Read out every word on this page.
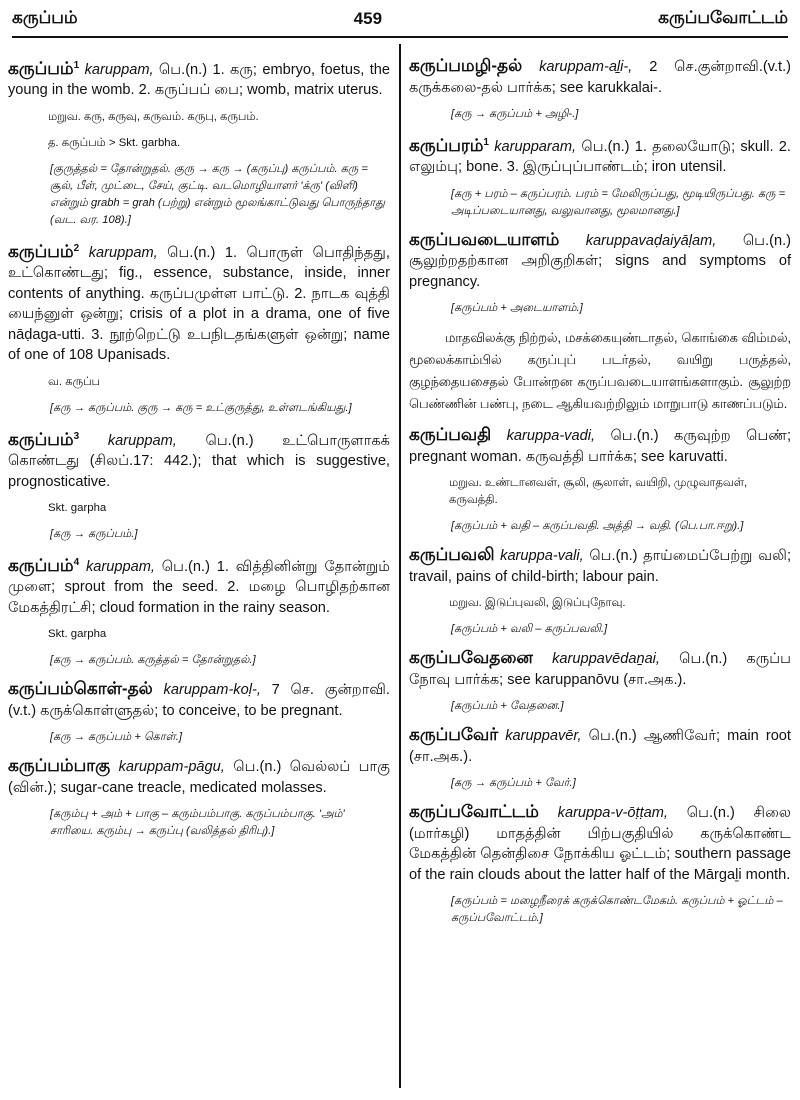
கருப்பம்	459	கருப்பவோட்டம்

கருப்பம்$^1$ karuppam, பெ.(n.) 1. கரு; embryo, foetus, the young in the womb. 2. கருப்பப் பை; womb, matrix uterus.

மறுவ. கரு, கருவு, கருவம். கருபு, கருபம்.
த. கருப்பம் > Skt. garbha.
[குருத்தல் = தோன்றுதல். குரு → கரு → (கருப்பு) கருப்பம். கரு = சூல், பீள், முட்டை, சேய், குட்டி. வடமொழியாளர் 'க்ரு' (விளி) என்றும் grabh = grah (பற்று) என்றும் மூலங்காட்டுவது பொருந்தாது (வட. வர. 108).]

கருப்பம்$^2$ karuppam, பெ.(n.) 1. பொருள் பொதிந்தது, உட்கொண்டது; fig., essence, substance, inside, inner contents of anything. கருப்பமுள்ள பாட்டு. 2. நாடக வுத்தி யைந்னுள் ஒன்று; crisis of a plot in a drama, one of five nāḍaga-utti. 3. நூற்றெட்டு உபநிடதங்களுள் ஒன்று; name of one of 108 Upanisads.

வ. கருப்ப
[கரு → கருப்பம். குரு → கரு = உட்குருத்து, உள்ளடங்கியது.]

கருப்பம்$^3$ karuppam, பெ.(n.) உட்பொருளாகக் கொண்டது (சிலப்.17: 442.); that which is suggestive, prognosticative.

Skt. garpha
[கரு → கருப்பம்.]

கருப்பம்$^4$ karuppam, பெ.(n.) 1. வித்தினின்று தோன்றும் முளை; sprout from the seed. 2. மழை பொழிதற்கான மேகத்திரட்சி; cloud formation in the rainy season.

Skt. garpha
[கரு → கருப்பம். கருத்தல் = தோன்றுதல்.]

கருப்பம்கொள்-தல் karuppam-koḷ-, 7 செ. குன்றாவி.(v.t.) கருக்கொள்ளுதல்; to conceive, to be pregnant.

[கரு → கருப்பம் + கொள்.]

கருப்பம்பாகு karuppam-pāgu, பெ.(n.) வெல்லப் பாகு (வின்.); sugar-cane treacle, medicated molasses.

[கரும்பு + அம் + பாகு – கரும்பம்பாகு. கருப்பம்பாகு. 'அம்' சாரியை. கரும்பு → கருப்பு (வலித்தல் திரிபு).]

கருப்பமழி-தல் karuppam-aḻi-, 2 செ.குன்றாவி.(v.t.) கருக்கலை-தல் பார்க்க; see karukkalai-.

[கரு → கருப்பம் + அழி-.]

கருப்பரம்$^1$ karupparam, பெ.(n.) 1. தலையோடு; skull. 2. எலும்பு; bone. 3. இருப்புப்பாண்டம்; iron utensil.

[கரு + பரம் – கருப்பரம். பரம் = மேலிருப்பது, மூடியிருப்பது. கரு = அடிப்படையானது, வலுவானது, மூலமானது.]

கருப்பவடையாளம் karuppavaḍaiyāḷam, பெ.(n.) சூலுற்றதற்கான அறிகுறிகள்; signs and symptoms of pregnancy.

[கருப்பம் + அடையாளம்.]

மாதவிலக்கு நிற்றல், மசக்கையுண்டாதல், கொங்கை விம்மல், மூலைக்காம்பில் கருப்புப் படர்தல், வயிறு பருத்தல், குழந்தையசைதல் போன்றன கருப்பவடையாளங்களாகும். சூலுற்ற பெண்ணின் பண்பு, நடை ஆகியவற்றிலும் மாறுபாடு காணப்படும்.

கருப்பவதி karuppa-vadi, பெ.(n.) கருவுற்ற பெண்; pregnant woman. கருவத்தி பார்க்க; see karuvatti.

மறுவ. உண்டானவள், சூலி, சூலாள், வயிறி, முழுவாதவள், கருவத்தி.
[கருப்பம் + வதி – கருப்பவதி. அத்தி → வதி. (பெ.பா.ஈறு).]

கருப்பவலி karuppa-vali, பெ.(n.) தாய்மைப்பேற்று வலி; travail, pains of child-birth; labour pain.

மறுவ. இடுப்புவலி, இடுப்புநோவு.
[கருப்பம் + வலி – கருப்பவலி.]

கருப்பவேதனை karuppavēdaṉai, பெ.(n.) கருப்ப நோவு பார்க்க; see karuppanōvu (சா.அக.).

[கருப்பம் + வேதனை.]

கருப்பவேர் karuppavēr, பெ.(n.) ஆணிவேர்; main root (சா.அக.).

[கரு → கருப்பம் + வேர்.]

கருப்பவோட்டம் karuppa-v-ōṭṭam, பெ.(n.) சிலை (மார்கழி) மாதத்தின் பிற்பகுதியில் கருக்கொண்ட மேகத்தின் தென்திசை நோக்கிய ஓட்டம்; southern passage of the rain clouds about the latter half of the Mārgaḻi month.

[கருப்பம் = மழைநீரைக் கருக்கொண்டமேகம். கருப்பம் + ஓட்டம் – கருப்பவோட்டம்.]
